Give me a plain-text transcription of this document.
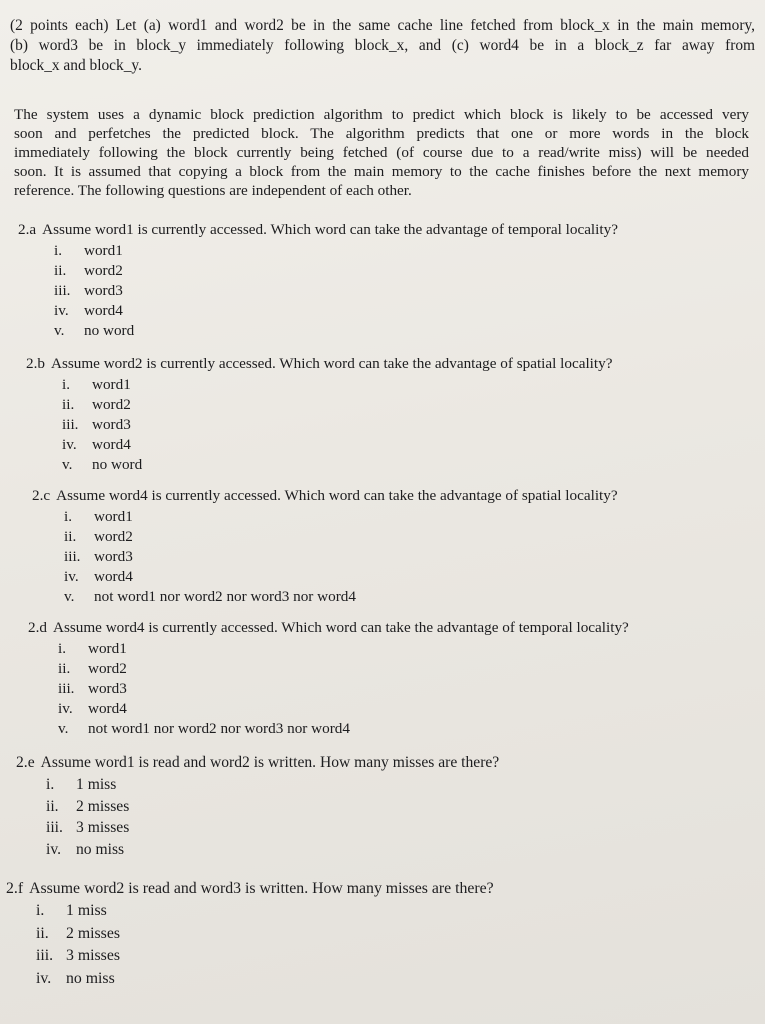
(2 points each) Let (a) word1 and word2 be in the same cache line fetched from block_x in the main memory,
(b) word3 be in block_y immediately following block_x, and (c) word4 be in a block_z far away from
block_x and block_y.
The system uses a dynamic block prediction algorithm to predict which block is likely to be accessed very
soon and perfetches the predicted block. The algorithm predicts that one or more words in the block
immediately following the block currently being fetched (of course due to a read/write miss) will be needed
soon. It is assumed that copying a block from the main memory to the cache finishes before the next memory
reference. The following questions are independent of each other.
2.a Assume word1 is currently accessed. Which word can take the advantage of temporal locality?
i. word1
ii. word2
iii. word3
iv. word4
v. no word
2.b Assume word2 is currently accessed. Which word can take the advantage of spatial locality?
i. word1
ii. word2
iii. word3
iv. word4
v. no word
2.c Assume word4 is currently accessed. Which word can take the advantage of spatial locality?
i. word1
ii. word2
iii. word3
iv. word4
v. not word1 nor word2 nor word3 nor word4
2.d Assume word4 is currently accessed. Which word can take the advantage of temporal locality?
i. word1
ii. word2
iii. word3
iv. word4
v. not word1 nor word2 nor word3 nor word4
2.e Assume word1 is read and word2 is written. How many misses are there?
i. 1 miss
ii. 2 misses
iii. 3 misses
iv. no miss
2.f Assume word2 is read and word3 is written. How many misses are there?
i. 1 miss
ii. 2 misses
iii. 3 misses
iv. no miss
